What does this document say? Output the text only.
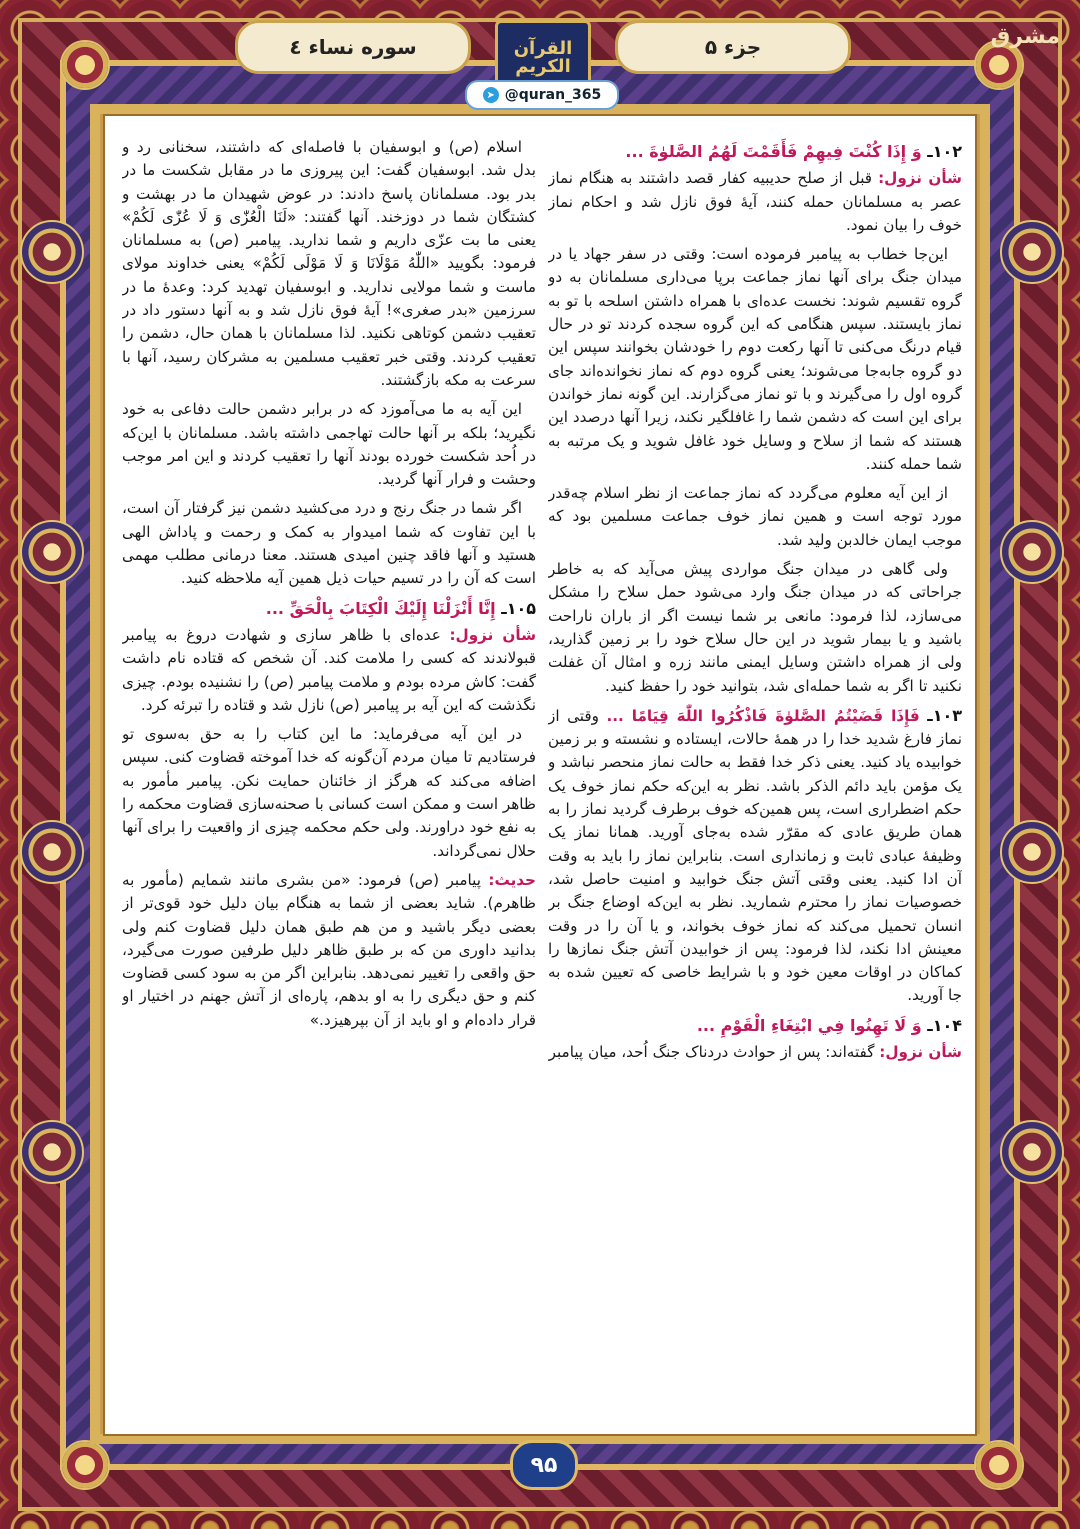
سوره نساء ٤	جزء ۵
القرآن الكريم
➤ @quran_365
مشرق
۱۰۲ـ وَ إِذَا كُنْتَ فِيهِمْ فَأَقَمْتَ لَهُمُ الصَّلوٰةَ ...

شأن نزول: قبل از صلح حدیبیه کفار قصد داشتند به هنگام نماز عصر به مسلمانان حمله کنند، آیهٔ فوق نازل شد و احکام نماز خوف را بیان نمود.

این‌جا خطاب به پیامبر فرموده است: وقتی در سفر جهاد یا در میدان جنگ برای آنها نماز جماعت برپا می‌داری مسلمانان به دو گروه تقسیم شوند: نخست عده‌ای با همراه داشتن اسلحه با تو به نماز بایستند. سپس هنگامی که این گروه سجده کردند تو در حال قیام درنگ می‌کنی تا آنها رکعت دوم را خودشان بخوانند سپس این دو گروه جابه‌جا می‌شوند؛ یعنی گروه دوم که نماز نخوانده‌اند جای گروه اول را می‌گیرند و با تو نماز می‌گزارند. این گونه نماز خواندن برای این است که دشمن شما را غافلگیر نکند، زیرا آنها درصدد این هستند که شما از سلاح و وسایل خود غافل شوید و یک مرتبه به شما حمله کنند.

از این آیه معلوم می‌گردد که نماز جماعت از نظر اسلام چه‌قدر مورد توجه است و همین نماز خوف جماعت مسلمین بود که موجب ایمان خالدبن ولید شد.

ولی گاهی در میدان جنگ مواردی پیش می‌آید که به خاطر جراحاتی که در میدان جنگ وارد می‌شود حمل سلاح را مشکل می‌سازد، لذا فرمود: مانعی بر شما نیست اگر از باران ناراحت باشید و یا بیمار شوید در این حال سلاح خود را بر زمین گذارید، ولی از همراه داشتن وسایل ایمنی مانند زره و امثال آن غفلت نکنید تا اگر به شما حمله‌ای شد، بتوانید خود را حفظ کنید.

۱۰۳ـ فَإِذَا قَضَيْتُمُ الصَّلوٰةَ فَاذْكُرُوا اللّٰهَ قِيَامًا ... وقتی از نماز فارغ شدید خدا را در همهٔ حالات، ایستاده و نشسته و بر زمین خوابیده یاد کنید. یعنی ذکر خدا فقط به حالت نماز منحصر نباشد و یک مؤمن باید دائم الذکر باشد. نظر به این‌که حکم نماز خوف یک حکم اضطراری است، پس همین‌که خوف برطرف گردید نماز را به همان طریق عادی که مقرّر شده به‌جای آورید. همانا نماز یک وظیفهٔ عبادی ثابت و زمانداری است. بنابراین نماز را باید به وقت آن ادا کنید. یعنی وقتی آتش جنگ خوابید و امنیت حاصل شد، خصوصیات نماز را محترم شمارید. نظر به این‌که اوضاع جنگ بر انسان تحمیل می‌کند که نماز خوف بخواند، و یا آن را در وقت معینش ادا نکند، لذا فرمود: پس از خوابیدن آتش جنگ نمازها را کماکان در اوقات معین خود و با شرایط خاصی که تعیین شده به جا آورید.

۱۰۴ـ وَ لَا تَهِنُوا فِي ابْتِغَاءِ الْقَوْمِ ...

شأن نزول: گفته‌اند: پس از حوادث دردناک جنگ اُحد، میان پیامبر

اسلام (ص) و ابوسفیان با فاصله‌ای که داشتند، سخنانی رد و بدل شد. ابوسفیان گفت: این پیروزی ما در مقابل شکست ما در بدر بود. مسلمانان پاسخ دادند: در عوض شهیدان ما در بهشت و کشتگان شما در دوزخند. آنها گفتند: «لَنَا الْعُزّٰى وَ لَا عُزّٰى لَكُمْ» یعنی ما بت عزّی داریم و شما ندارید. پیامبر (ص) به مسلمانان فرمود: بگویید «اللّٰهُ مَوْلَانَا وَ لَا مَوْلَى لَكُمْ» یعنی خداوند مولای ماست و شما مولایی ندارید. و ابوسفیان تهدید کرد: وعدهٔ ما در سرزمین «بدر صغری»! آیهٔ فوق نازل شد و به آنها دستور داد در تعقیب دشمن کوتاهی نکنید. لذا مسلمانان با همان حال، دشمن را تعقیب کردند. وقتی خبر تعقیب مسلمین به مشرکان رسید، آنها با سرعت به مکه بازگشتند.

این آیه به ما می‌آموزد که در برابر دشمن حالت دفاعی به خود نگیرید؛ بلکه بر آنها حالت تهاجمی داشته باشد. مسلمانان با این‌که در اُحد شکست خورده بودند آنها را تعقیب کردند و این امر موجب وحشت و فرار آنها گردید.

اگر شما در جنگ رنج و درد می‌کشید دشمن نیز گرفتار آن است، با این تفاوت که شما امیدوار به کمک و رحمت و پاداش الهی هستید و آنها فاقد چنین امیدی هستند. معنا درمانی مطلب مهمی است که آن را در تسیم حیات ذیل همین آیه ملاحظه کنید.

۱۰۵ـ إِنَّا أَنْزَلْنَا إِلَيْكَ الْكِتَابَ بِالْحَقِّ ...

شأن نزول: عده‌ای با ظاهر سازی و شهادت دروغ به پیامبر قبولاندند که کسی را ملامت کند. آن شخص که قتاده نام داشت گفت: کاش مرده بودم و ملامت پیامبر (ص) را نشنیده بودم. چیزی نگذشت که این آیه بر پیامبر (ص) نازل شد و قتاده را تبرئه کرد.

در این آیه می‌فرماید: ما این کتاب را به حق به‌سوی تو فرستادیم تا میان مردم آن‌گونه که خدا آموخته قضاوت کنی. سپس اضافه می‌کند که هرگز از خائنان حمایت نکن. پیامبر مأمور به ظاهر است و ممکن است کسانی با صحنه‌سازی قضاوت محکمه را به نفع خود دراورند. ولی حکم محکمه چیزی از واقعیت را برای آنها حلال نمی‌گرداند.

حدیث: پیامبر (ص) فرمود: «من بشری مانند شمایم (مأمور به ظاهرم). شاید بعضی از شما به هنگام بیان دلیل خود قوی‌تر از بعضی دیگر باشید و من هم طبق همان دلیل قضاوت کنم ولی بدانید داوری من که بر طبق ظاهر دلیل طرفین صورت می‌گیرد، حق واقعی را تغییر نمی‌دهد. بنابراین اگر من به سود کسی قضاوت کنم و حق دیگری را به او بدهم، پاره‌ای از آتش جهنم در اختیار او قرار داده‌ام و او باید از آن بپرهیزد.»

۹۵
